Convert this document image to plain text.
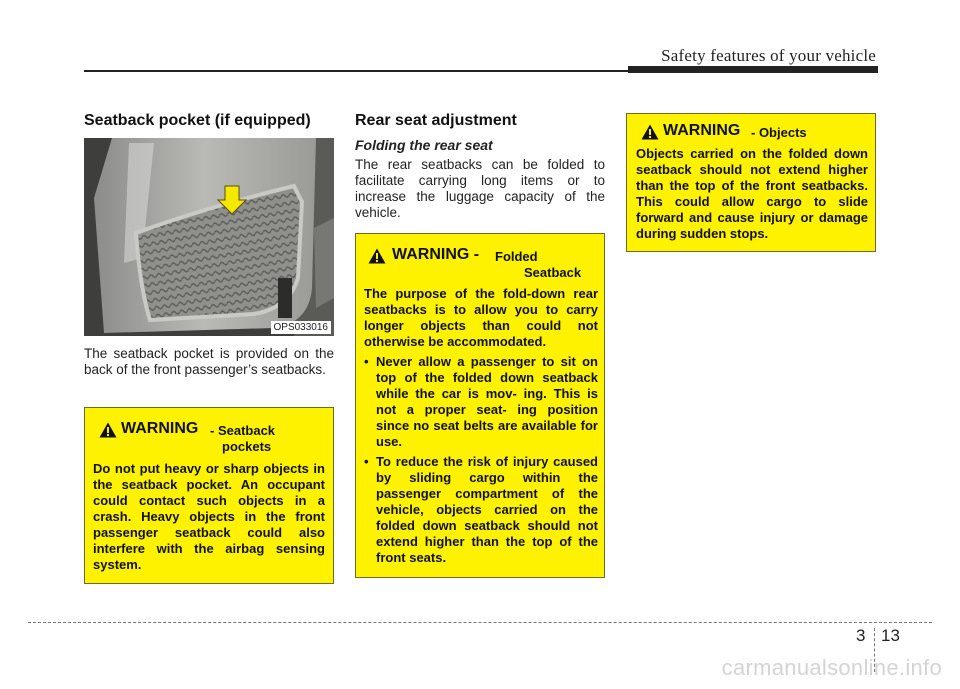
Safety features of your vehicle
Seatback pocket (if equipped)
OPS033016
The seatback pocket is provided on the back of the front passenger’s seatbacks.
WARNING - Seatback
pockets
Do not put heavy or sharp objects in the seatback pocket. An occupant could contact such objects in a crash. Heavy objects in the front passenger seatback could also interfere with the airbag sensing system.
Rear seat adjustment
Folding the rear seat
The rear seatbacks can be folded to facilitate carrying long items or to increase the luggage capacity of the vehicle.
WARNING - Folded
Seatback

The purpose of the fold-down rear seatbacks is to allow you to carry longer objects than could not otherwise be accommodated.

• Never allow a passenger to sit on top of the folded down seatback while the car is mov- ing. This is not a proper seat- ing position since no seat belts are available for use.
• To reduce the risk of injury caused by sliding cargo within the passenger compartment of the vehicle, objects carried on the folded down seatback should not extend higher than the top of the front seats.
WARNING - Objects
Objects carried on the folded down seatback should not extend higher than the top of the front seatbacks. This could allow cargo to slide forward and cause injury or damage during sudden stops.
3 13
carmanualsonline.info
